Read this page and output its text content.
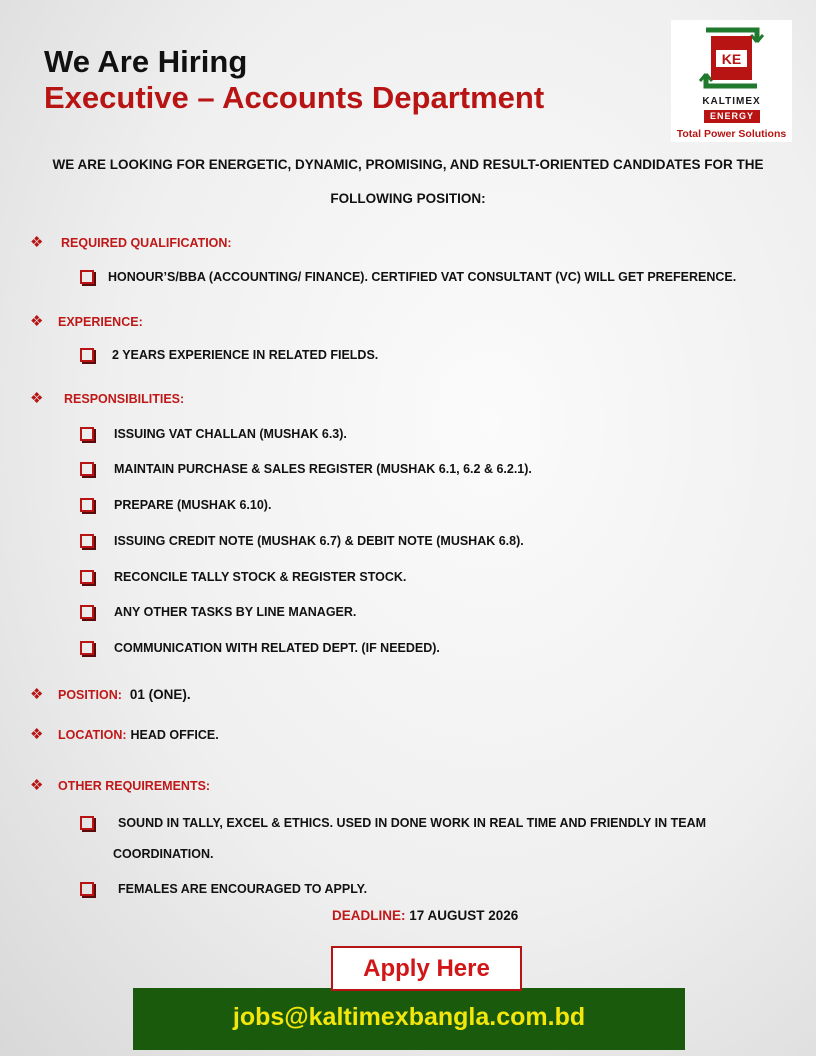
We Are Hiring
Executive – Accounts Department
KE
KALTIMEX
ENERGY
Total Power Solutions
WE ARE LOOKING FOR ENERGETIC, DYNAMIC, PROMISING, AND RESULT-ORIENTED CANDIDATES FOR THE
FOLLOWING POSITION:
❖	REQUIRED QUALIFICATION:
HONOUR’S/BBA (ACCOUNTING/ FINANCE). CERTIFIED VAT CONSULTANT (VC) WILL GET PREFERENCE.
❖	EXPERIENCE:
2 YEARS EXPERIENCE IN RELATED FIELDS.
❖	RESPONSIBILITIES:
ISSUING VAT CHALLAN (MUSHAK 6.3).
MAINTAIN PURCHASE & SALES REGISTER (MUSHAK 6.1, 6.2 & 6.2.1).
PREPARE (MUSHAK 6.10).
ISSUING CREDIT NOTE (MUSHAK 6.7) & DEBIT NOTE (MUSHAK 6.8).
RECONCILE TALLY STOCK & REGISTER STOCK.
ANY OTHER TASKS BY LINE MANAGER.
COMMUNICATION WITH RELATED DEPT. (IF NEEDED).
❖	POSITION: 01 (ONE).
❖	LOCATION: HEAD OFFICE.
❖	OTHER REQUIREMENTS:
SOUND IN TALLY, EXCEL & ETHICS. USED IN DONE WORK IN REAL TIME AND FRIENDLY IN TEAM
COORDINATION.
FEMALES ARE ENCOURAGED TO APPLY.
DEADLINE: 17 AUGUST 2026
jobs@kaltimexbangla.com.bd
Apply Here
